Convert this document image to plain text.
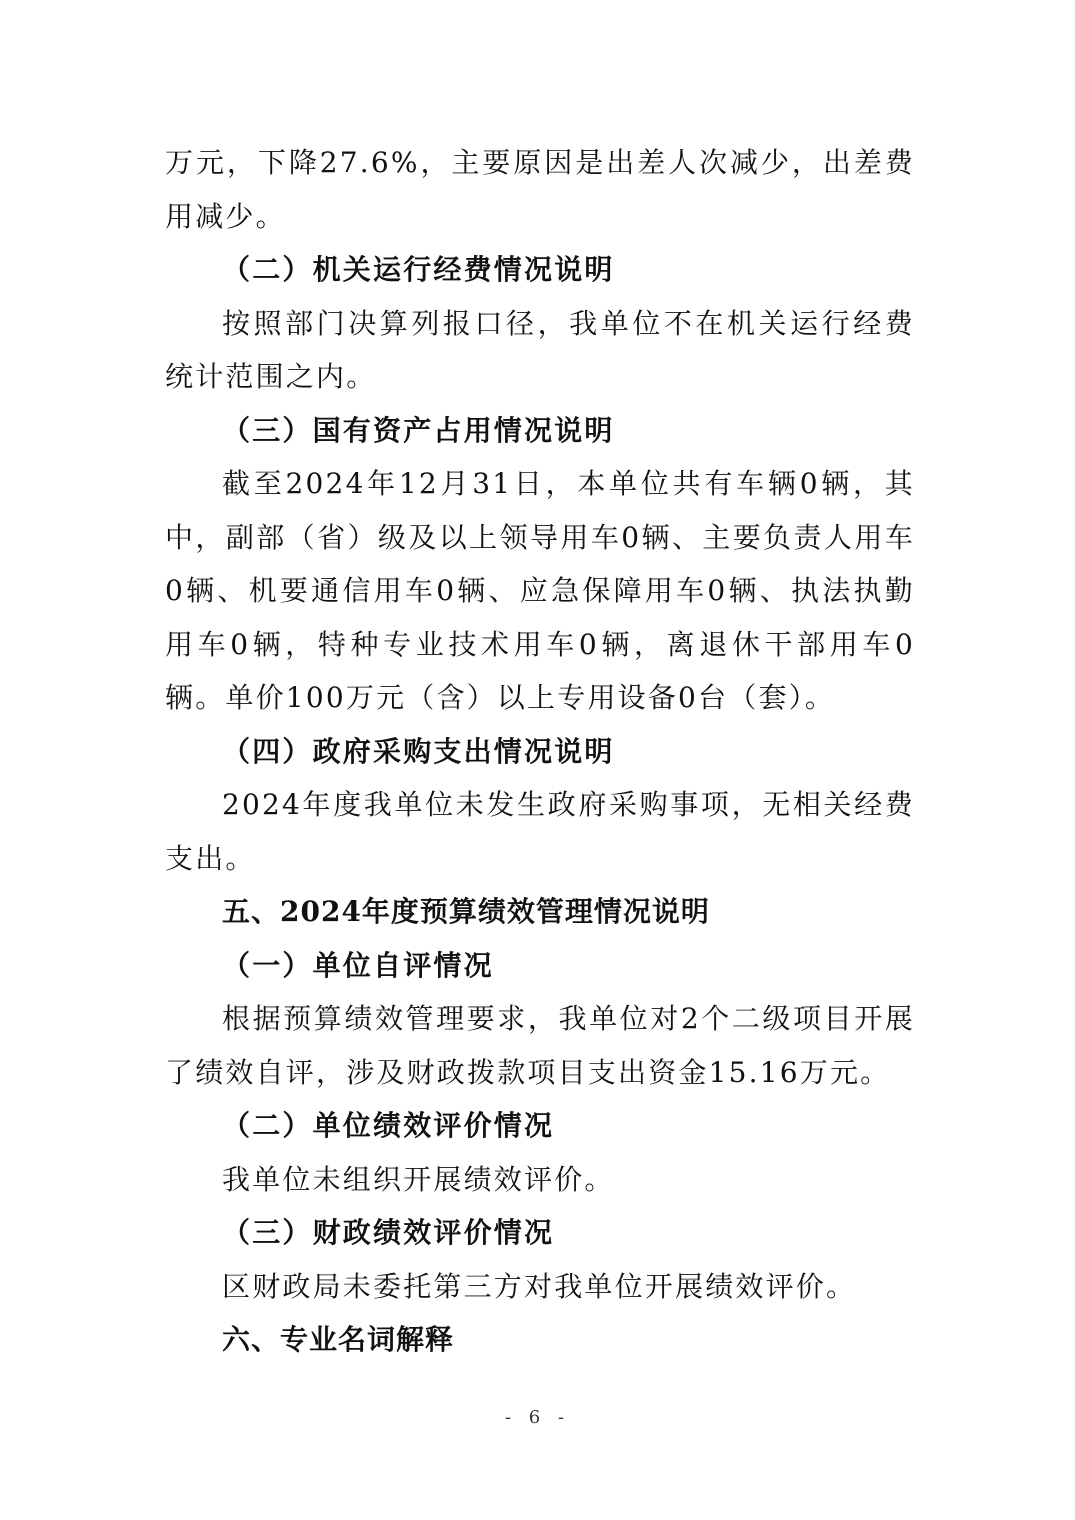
万元，下降27.6%，主要原因是出差人次减少，出差费用减少。

（二）机关运行经费情况说明

按照部门决算列报口径，我单位不在机关运行经费统计范围之内。

（三）国有资产占用情况说明

截至2024年12月31日，本单位共有车辆0辆，其中，副部（省）级及以上领导用车0辆、主要负责人用车0辆、机要通信用车0辆、应急保障用车0辆、执法执勤用车0辆，特种专业技术用车0辆，离退休干部用车0辆。单价100万元（含）以上专用设备0台（套）。

（四）政府采购支出情况说明

2024年度我单位未发生政府采购事项，无相关经费支出。

五、2024年度预算绩效管理情况说明

（一）单位自评情况

根据预算绩效管理要求，我单位对2个二级项目开展了绩效自评，涉及财政拨款项目支出资金15.16万元。

（二）单位绩效评价情况

我单位未组织开展绩效评价。

（三）财政绩效评价情况

区财政局未委托第三方对我单位开展绩效评价。

六、专业名词解释

- 6 -
